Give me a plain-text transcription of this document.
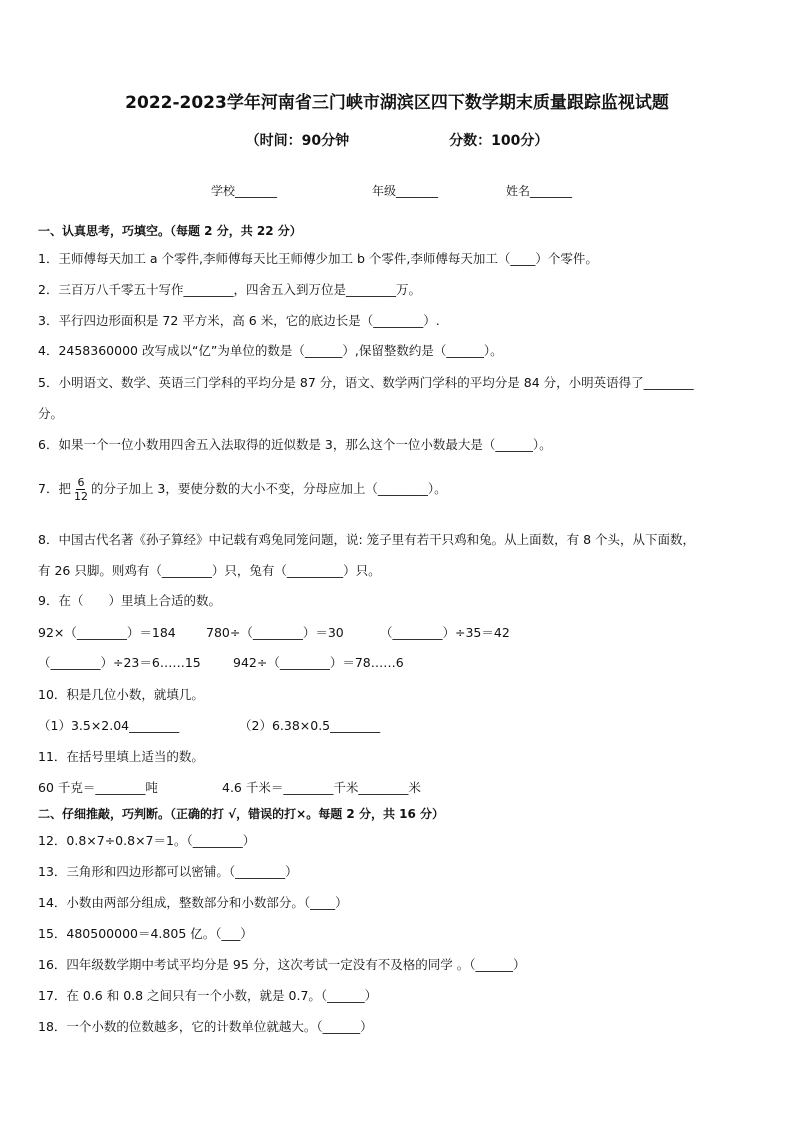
2022-2023学年河南省三门峡市湖滨区四下数学期末质量跟踪监视试题
（时间：90分钟	分数：100分）
学校_______	年级_______	姓名_______
一、认真思考，巧填空。（每题 2 分，共 22 分）
1．王师傅每天加工 a 个零件,李师傅每天比王师傅少加工 b 个零件,李师傅每天加工（____）个零件。
2．三百万八千零五十写作________，四舍五入到万位是________万。
3．平行四边形面积是 72 平方米，高 6 米，它的底边长是（________）.
4．2458360000 改写成以“亿”为单位的数是（______）,保留整数约是（______）。
5．小明语文、数学、英语三门学科的平均分是 87 分，语文、数学两门学科的平均分是 84 分，小明英语得了________
分。
6．如果一个一位小数用四舍五入法取得的近似数是 3，那么这个一位小数最大是（______）。
7．把 $\frac{6}{12}$ 的分子加上 3，要使分数的大小不变，分母应加上（________）。
8．中国古代名著《孙子算经》中记载有鸡兔同笼问题，说: 笼子里有若干只鸡和兔。从上面数，有 8 个头，从下面数，
有 26 只脚。则鸡有（________）只，兔有（_________）只。
9．在（　　）里填上合适的数。
92×（________）＝184 780÷（________）＝30	（________）÷35＝42
（________）÷23＝6……15	942÷（________）＝78……6
10．积是几位小数，就填几。
（1）3.5×2.04________	（2）6.38×0.5________
11．在括号里填上适当的数。
60 千克＝________吨	4.6 千米＝________千米________米
二、仔细推敲，巧判断。（正确的打 √，错误的打×。每题 2 分，共 16 分）
12．0.8×7÷0.8×7＝1。（________）
13．三角形和四边形都可以密铺。（________）
14．小数由两部分组成，整数部分和小数部分。（____）
15．480500000＝4.805 亿。（___）
16．四年级数学期中考试平均分是 95 分，这次考试一定没有不及格的同学 。（______）
17．在 0.6 和 0.8 之间只有一个小数，就是 0.7。（______）
18．一个小数的位数越多，它的计数单位就越大。（______）
